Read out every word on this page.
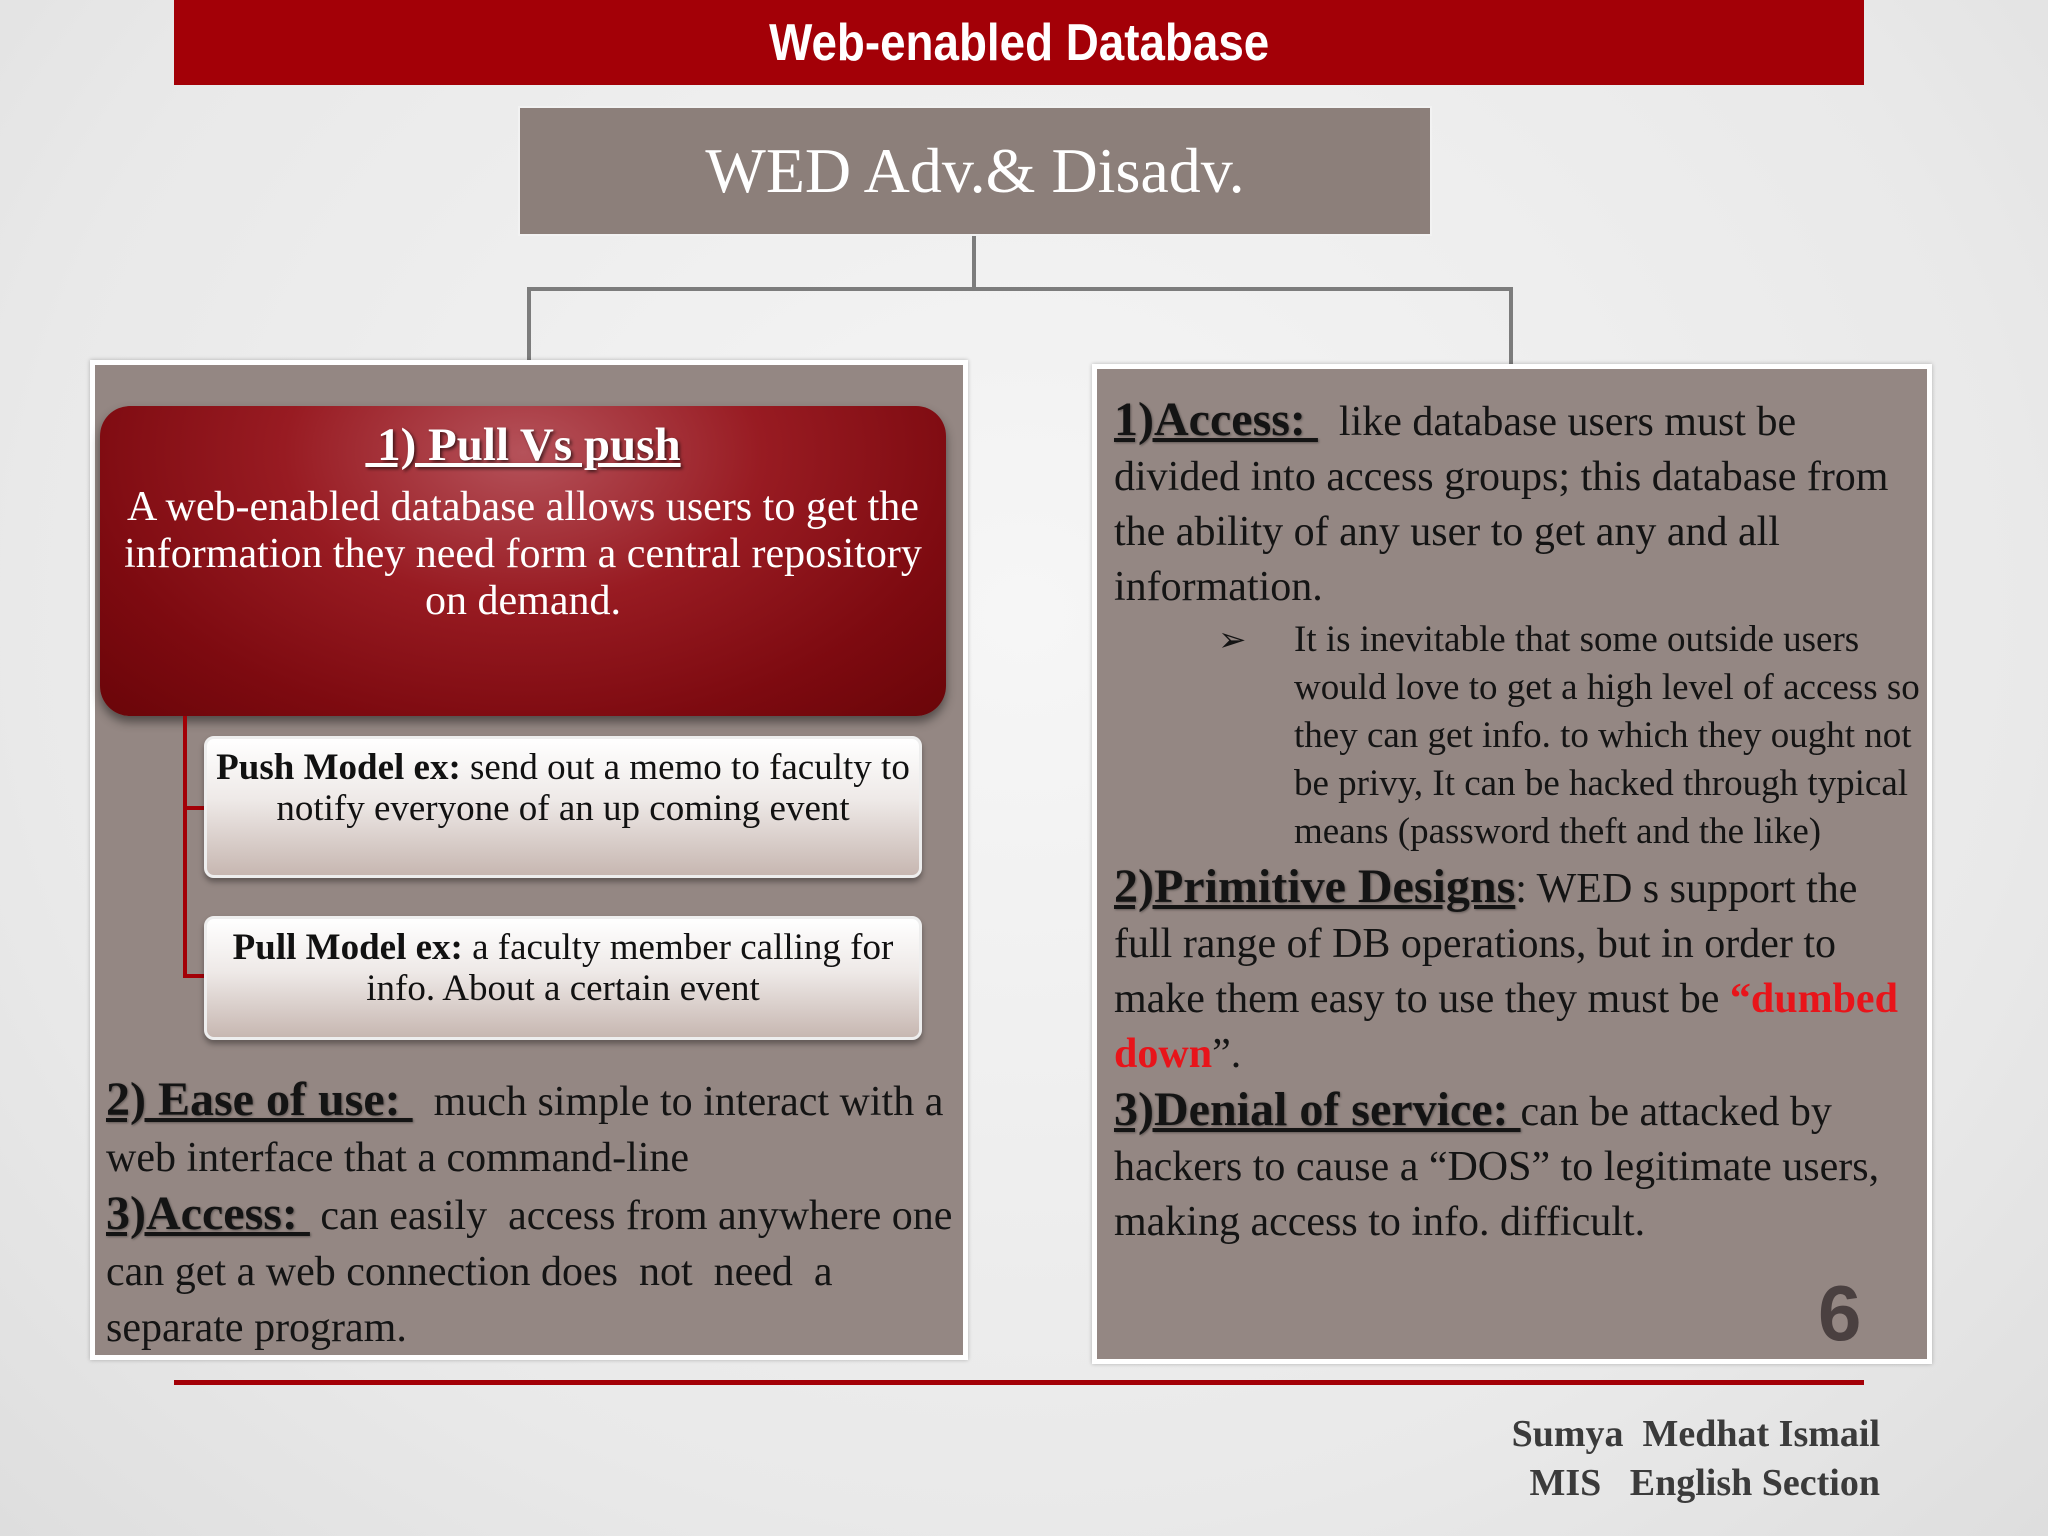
Web-enabled Database
WED Adv.& Disadv.
1) Pull Vs push
A web-enabled database allows users to get the information they need form a central repository on demand.
Push Model ex: send out a memo to faculty to notify everyone of an up coming event
Pull Model ex: a faculty member calling for info. About a certain event
2) Ease of use:   much simple to interact with a web interface that a command-line
3)Access:  can easily  access from anywhere one can get a web connection does  not  need  a separate program.
1)Access:   like database users must be divided into access groups; this database from the ability of any user to get any and all information.
➢ It is inevitable that some outside users would love to get a high level of access so they can get info. to which they ought not be privy, It can be hacked through typical means (password theft and the like)
2)Primitive Designs: WED s support the full range of DB operations, but in order to make them easy to use they must be “dumbed down”.
3)Denial of service: can be attacked by hackers to cause a “DOS” to legitimate users, making access to info. difficult.
6
Sumya  Medhat Ismail
MIS   English Section
